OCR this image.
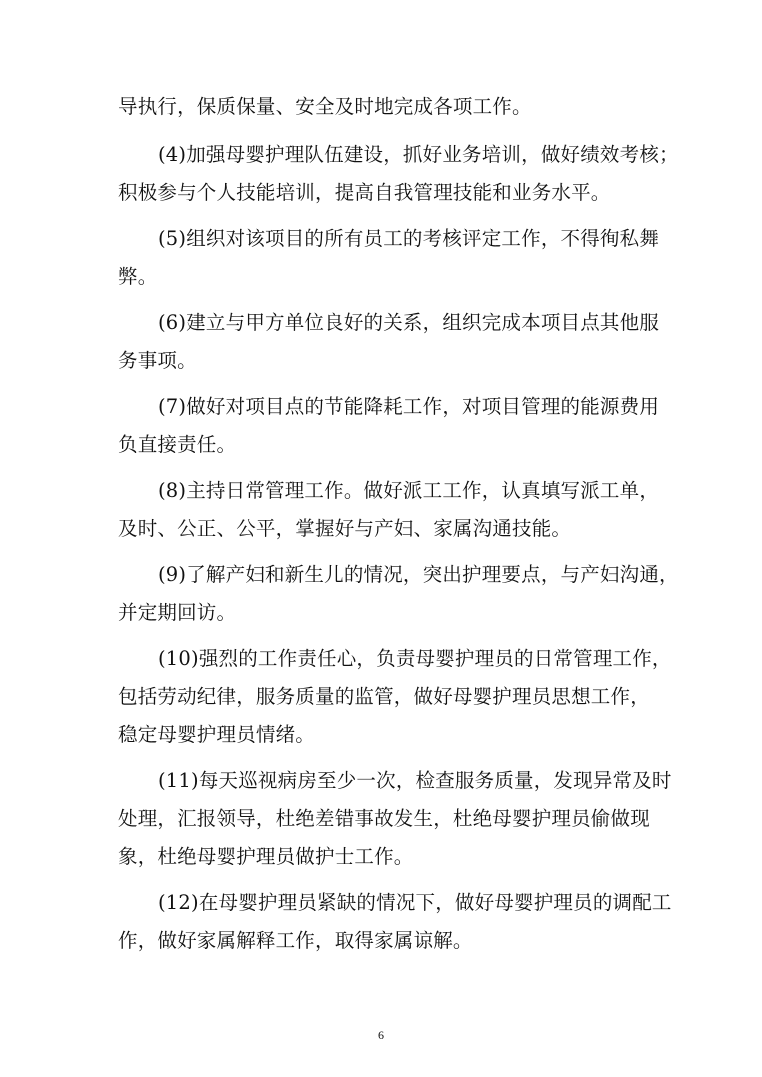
导执行，保质保量、安全及时地完成各项工作。
(4)加强母婴护理队伍建设，抓好业务培训，做好绩效考核；
积极参与个人技能培训，提高自我管理技能和业务水平。
(5)组织对该项目的所有员工的考核评定工作，不得徇私舞
弊。
(6)建立与甲方单位良好的关系，组织完成本项目点其他服
务事项。
(7)做好对项目点的节能降耗工作，对项目管理的能源费用
负直接责任。
(8)主持日常管理工作。做好派工工作，认真填写派工单，
及时、公正、公平，掌握好与产妇、家属沟通技能。
(9)了解产妇和新生儿的情况，突出护理要点，与产妇沟通，
并定期回访。
(10)强烈的工作责任心，负责母婴护理员的日常管理工作，
包括劳动纪律，服务质量的监管，做好母婴护理员思想工作，
稳定母婴护理员情绪。
(11)每天巡视病房至少一次，检查服务质量，发现异常及时
处理，汇报领导，杜绝差错事故发生，杜绝母婴护理员偷做现
象，杜绝母婴护理员做护士工作。
(12)在母婴护理员紧缺的情况下，做好母婴护理员的调配工
作，做好家属解释工作，取得家属谅解。
6
